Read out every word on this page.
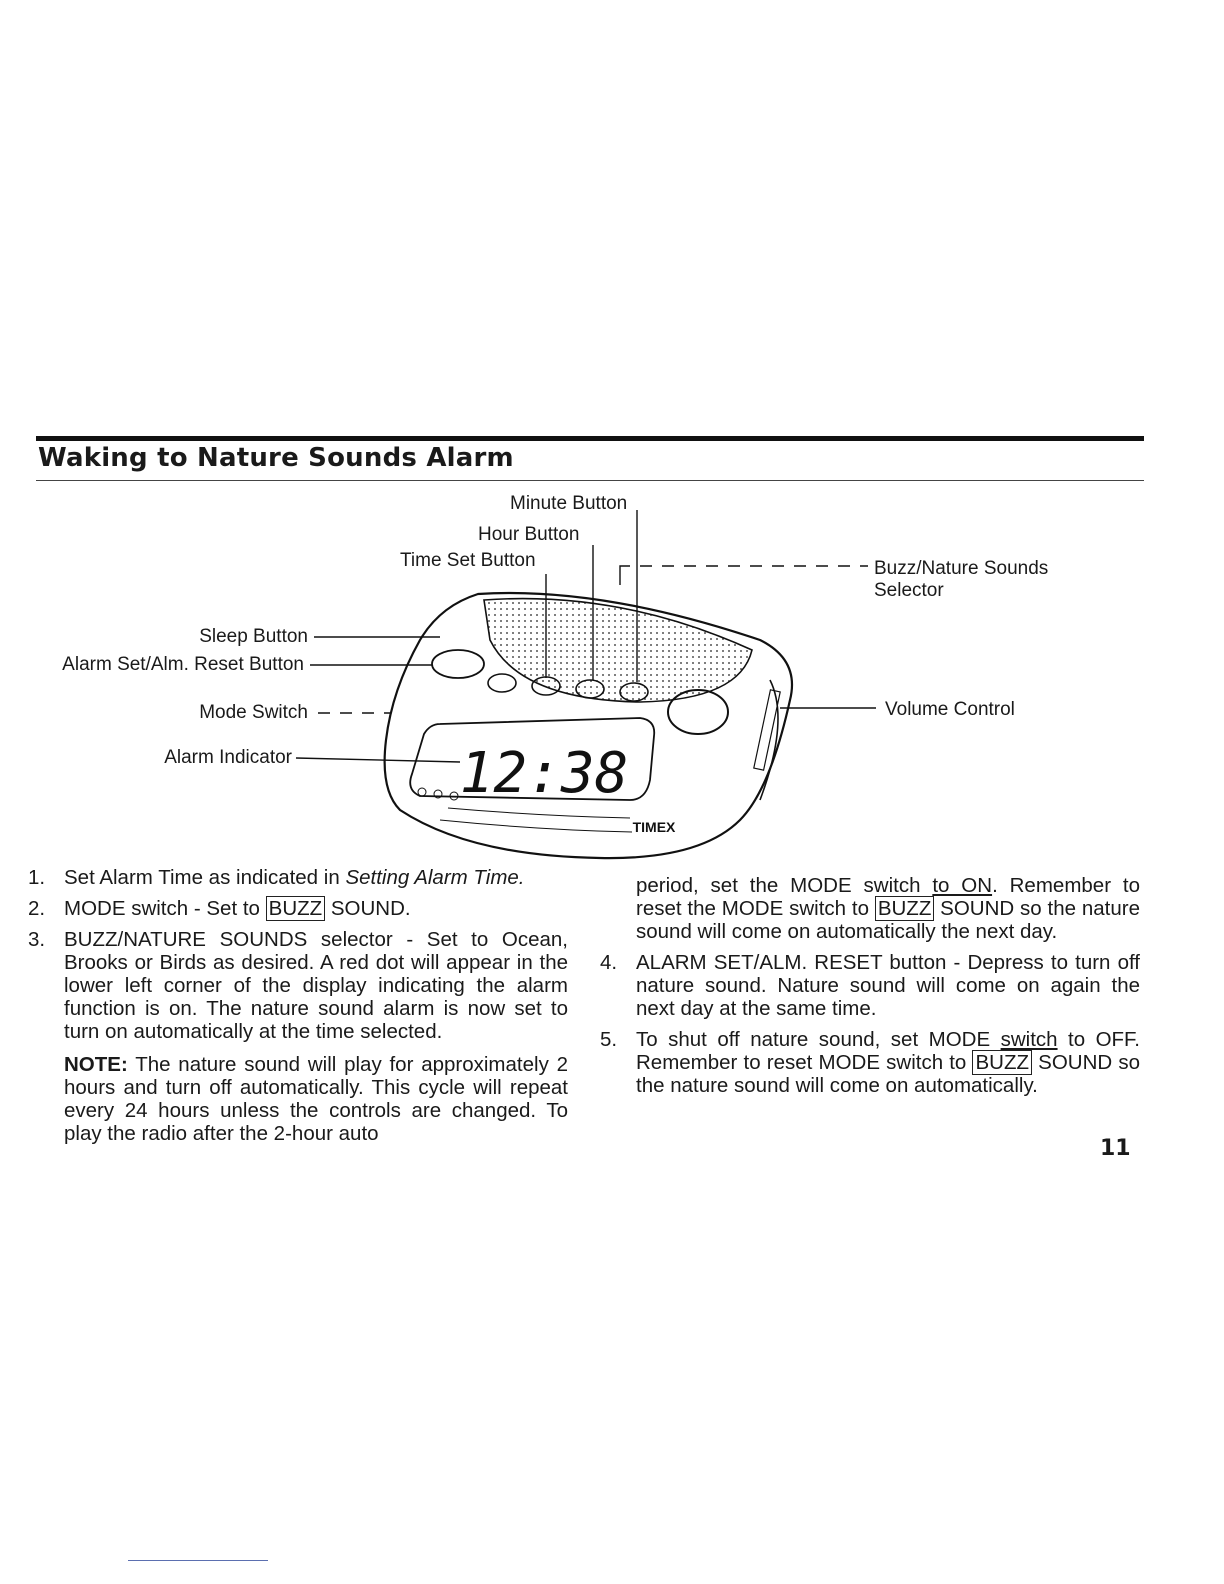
Waking to Nature Sounds Alarm
Minute Button
Hour Button
Time Set Button	Buzz/Nature Sounds Selector
Sleep Button
Alarm Set/Alm. Reset Button
Mode Switch
Alarm Indicator
Volume Control
12:38
TIMEX
1. Set Alarm Time as indicated in Setting Alarm Time.
2. MODE switch - Set to BUZZ SOUND.
3. BUZZ/NATURE SOUNDS selector - Set to Ocean, Brooks or Birds as desired. A red dot will appear in the lower left corner of the display indicating the alarm function is on. The nature sound alarm is now set to turn on automatically at the time selected.
NOTE: The nature sound will play for approximately 2 hours and turn off automatically. This cycle will repeat every 24 hours unless the controls are changed. To play the radio after the 2-hour auto
period, set the MODE switch to ON. Remember to reset the MODE switch to BUZZ SOUND so the nature sound will come on automatically the next day.
4. ALARM SET/ALM. RESET button - Depress to turn off nature sound. Nature sound will come on again the next day at the same time.
5. To shut off nature sound, set MODE switch to OFF. Remember to reset MODE switch to BUZZ SOUND so the nature sound will come on automatically.
11
